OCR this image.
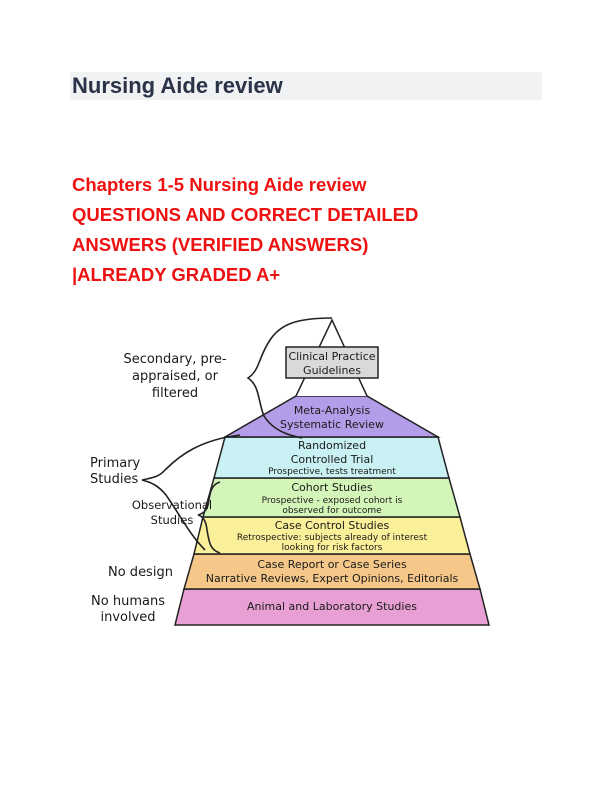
Nursing Aide review
Chapters 1-5 Nursing Aide review
QUESTIONS AND CORRECT DETAILED
ANSWERS (VERIFIED ANSWERS)
|ALREADY GRADED A+
Clinical Practice
Guidelines
Meta-Analysis
Systematic Review
Randomized
Controlled Trial
Prospective, tests treatment
Cohort Studies
Prospective - exposed cohort is
observed for outcome
Case Control Studies
Retrospective: subjects already of interest
looking for risk factors
Case Report or Case Series
Narrative Reviews, Expert Opinions, Editorials
Animal and Laboratory Studies
Secondary, pre-
appraised, or
filtered
Primary
Studies
Observational
Studies
No design
No humans
involved
